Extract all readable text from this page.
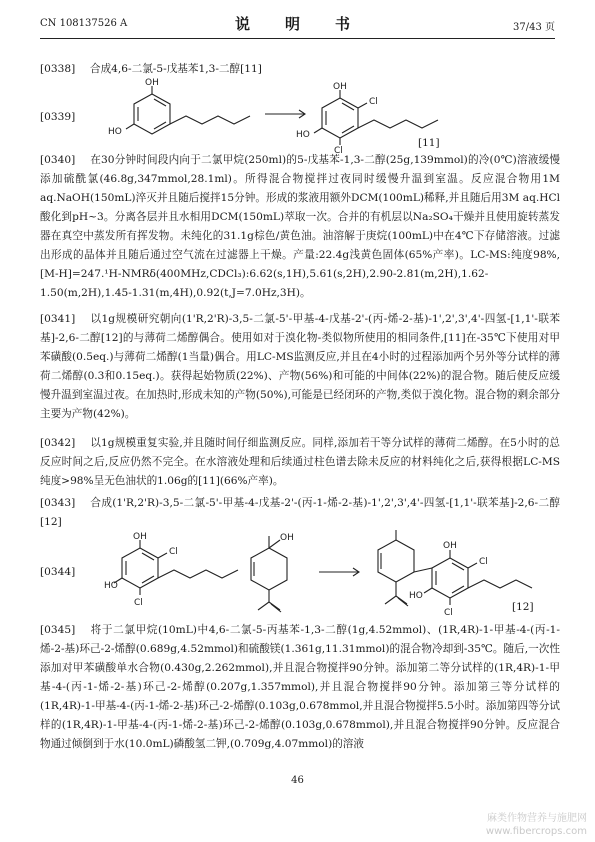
CN 108137526 A	说　明　书	37/43 页
[0338] 合成4,6-二氯-5-戊基苯1,3-二醇[11]
[0339]
OH
HO
OH
Cl
HO
Cl
[11]
[0340] 在30分钟时间段内向于二氯甲烷(250ml)的5-戊基苯-1,3-二醇(25g,139mmol)的冷(0℃)溶液缓慢添加硫酰氯(46.8g,347mmol,28.1ml)。所得混合物搅拌过夜同时缓慢升温到室温。反应混合物用1M aq.NaOH(150mL)淬灭并且随后搅拌15分钟。形成的浆液用额外DCM(100mL)稀释,并且随后用3M aq.HCl酸化到pH~3。分离各层并且水相用DCM(150mL)萃取一次。合并的有机层以Na₂SO₄干燥并且使用旋转蒸发器在真空中蒸发所有挥发物。未纯化的31.1g棕色/黄色油。油溶解于庚烷(100mL)中在4℃下存储溶液。过滤出形成的晶体并且随后通过空气流在过滤器上干燥。产量:22.4g浅黄色固体(65%产率)。LC-MS:纯度98%,[M-H]=247.¹H-NMRδ(400MHz,CDCl₃):6.62(s,1H),5.61(s,2H),2.90-2.81(m,2H),1.62-1.50(m,2H),1.45-1.31(m,4H),0.92(t,J=7.0Hz,3H)。
[0341] 以1g规模研究朝向(1'R,2'R)-3,5-二氯-5'-甲基-4-戊基-2'-(丙-烯-2-基)-1',2',3',4'-四氢-[1,1'-联苯基]-2,6-二醇[12]的与薄荷二烯醇偶合。使用如对于溴化物-类似物所使用的相同条件,[11]在-35℃下使用对甲苯磺酸(0.5eq.)与薄荷二烯醇(1当量)偶合。用LC-MS监测反应,并且在4小时的过程添加两个另外等分试样的薄荷二烯醇(0.3和0.15eq.)。获得起始物质(22%)、产物(56%)和可能的中间体(22%)的混合物。随后使反应缓慢升温到室温过夜。在加热时,形成未知的产物(50%),可能是已经闭环的产物,类似于溴化物。混合物的剩余部分主要为产物(42%)。
[0342] 以1g规模重复实验,并且随时间仔细监测反应。同样,添加若干等分试样的薄荷二烯醇。在5小时的总反应时间之后,反应仍然不完全。在水溶液处理和后续通过柱色谱去除未反应的材料纯化之后,获得根据LC-MS纯度>98%呈无色油状的1.06g的[11](66%产率)。
[0343] 合成(1'R,2'R)-3,5-二氯-5'-甲基-4-戊基-2'-(丙-1-烯-2-基)-1',2',3',4'-四氢-[1,1'-联苯基]-2,6-二醇[12]
[0344]
OH
Cl
HO
Cl
OH
OH
Cl
HO
Cl	[12]
[0345] 将于二氯甲烷(10mL)中4,6-二氯-5-丙基苯-1,3-二醇(1g,4.52mmol)、(1R,4R)-1-甲基-4-(丙-1-烯-2-基)环己-2-烯醇(0.689g,4.52mmol)和硫酸镁(1.361g,11.31mmol)的混合物冷却到-35℃。随后,一次性添加对甲苯磺酸单水合物(0.430g,2.262mmol),并且混合物搅拌90分钟。添加第二等分试样的(1R,4R)-1-甲基-4-(丙-1-烯-2-基)环己-2-烯醇(0.207g,1.357mmol),并且混合物搅拌90分钟。添加第三等分试样的(1R,4R)-1-甲基-4-(丙-1-烯-2-基)环己-2-烯醇(0.103g,0.678mmol,并且混合物搅拌5.5小时。添加第四等分试样的(1R,4R)-1-甲基-4-(丙-1-烯-2-基)环己-2-烯醇(0.103g,0.678mmol),并且混合物搅拌90分钟。反应混合物通过倾倒到于水(10.0mL)磷酸氢二钾,(0.709g,4.07mmol)的溶液
46
麻类作物营养与施肥网
www.fibercrops.com
